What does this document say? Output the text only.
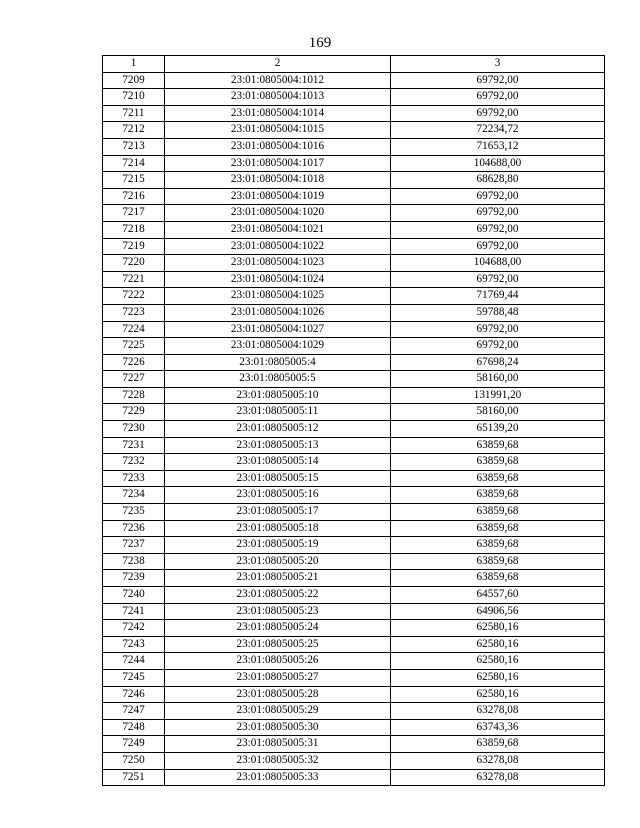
169
1	2	3
7209	23:01:0805004:1012	69792,00
7210	23:01:0805004:1013	69792,00
7211	23:01:0805004:1014	69792,00
7212	23:01:0805004:1015	72234,72
7213	23:01:0805004:1016	71653,12
7214	23:01:0805004:1017	104688,00
7215	23:01:0805004:1018	68628,80
7216	23:01:0805004:1019	69792,00
7217	23:01:0805004:1020	69792,00
7218	23:01:0805004:1021	69792,00
7219	23:01:0805004:1022	69792,00
7220	23:01:0805004:1023	104688,00
7221	23:01:0805004:1024	69792,00
7222	23:01:0805004:1025	71769,44
7223	23:01:0805004:1026	59788,48
7224	23:01:0805004:1027	69792,00
7225	23:01:0805004:1029	69792,00
7226	23:01:0805005:4	67698,24
7227	23:01:0805005:5	58160,00
7228	23:01:0805005:10	131991,20
7229	23:01:0805005:11	58160,00
7230	23:01:0805005:12	65139,20
7231	23:01:0805005:13	63859,68
7232	23:01:0805005:14	63859,68
7233	23:01:0805005:15	63859,68
7234	23:01:0805005:16	63859,68
7235	23:01:0805005:17	63859,68
7236	23:01:0805005:18	63859,68
7237	23:01:0805005:19	63859,68
7238	23:01:0805005:20	63859,68
7239	23:01:0805005:21	63859,68
7240	23:01:0805005:22	64557,60
7241	23:01:0805005:23	64906,56
7242	23:01:0805005:24	62580,16
7243	23:01:0805005:25	62580,16
7244	23:01:0805005:26	62580,16
7245	23:01:0805005:27	62580,16
7246	23:01:0805005:28	62580,16
7247	23:01:0805005:29	63278,08
7248	23:01:0805005:30	63743,36
7249	23:01:0805005:31	63859,68
7250	23:01:0805005:32	63278,08
7251	23:01:0805005:33	63278,08
